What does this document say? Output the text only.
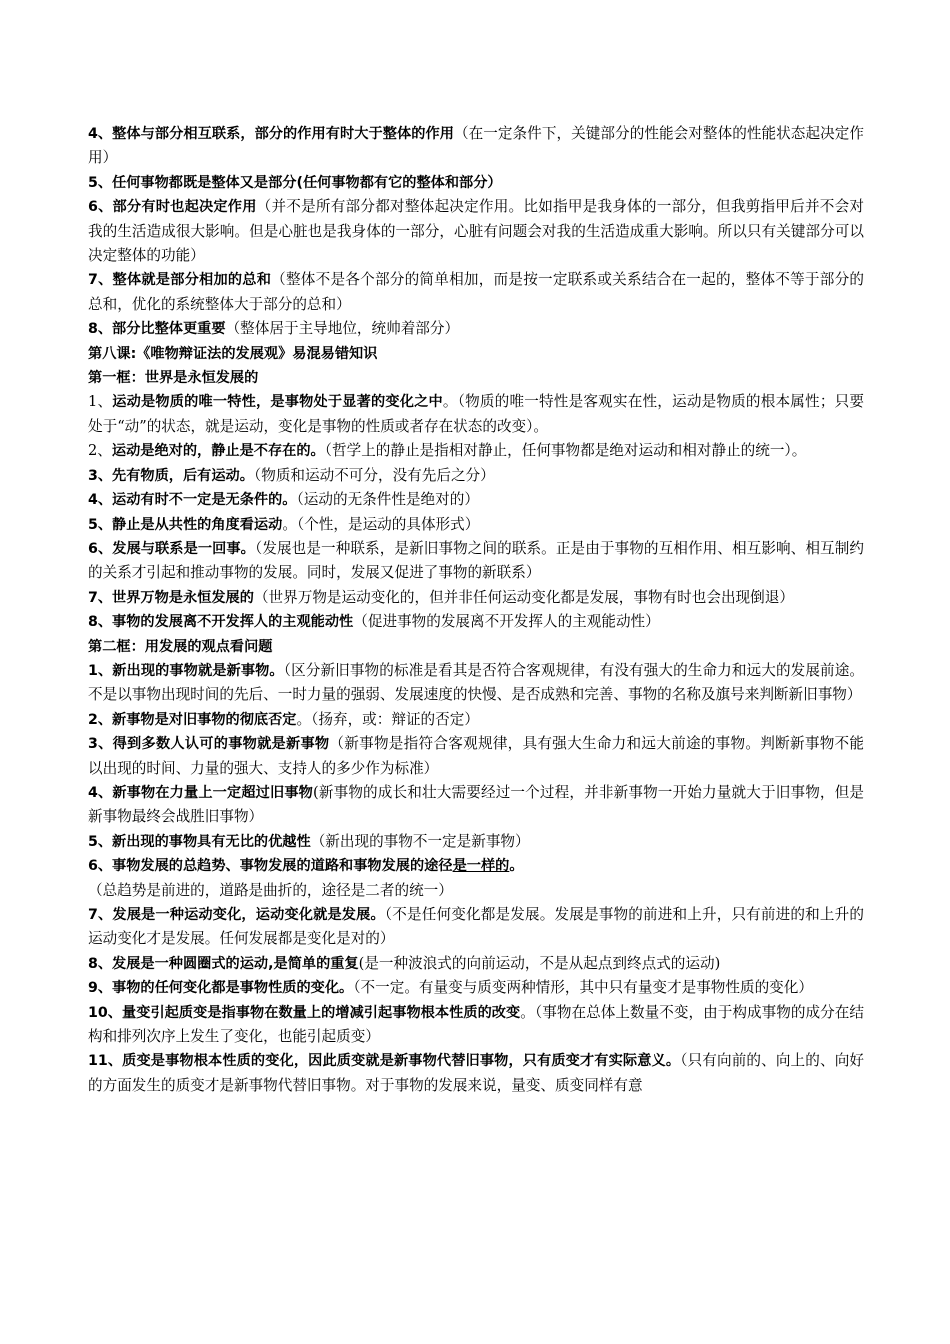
4、整体与部分相互联系，部分的作用有时大于整体的作用（在一定条件下，关键部分的性能会对整体的性能状态起决定作用）

5、任何事物都既是整体又是部分(任何事物都有它的整体和部分）

6、部分有时也起决定作用（并不是所有部分都对整体起决定作用。比如指甲是我身体的一部分，但我剪指甲后并不会对我的生活造成很大影响。但是心脏也是我身体的一部分，心脏有问题会对我的生活造成重大影响。所以只有关键部分可以决定整体的功能）

7、整体就是部分相加的总和（整体不是各个部分的简单相加，而是按一定联系或关系结合在一起的，整体不等于部分的总和，优化的系统整体大于部分的总和）

8、部分比整体更重要（整体居于主导地位，统帅着部分）

第八课:《唯物辩证法的发展观》易混易错知识

第一框：世界是永恒发展的

1、运动是物质的唯一特性，是事物处于显著的变化之中。（物质的唯一特性是客观实在性，运动是物质的根本属性；只要处于“动”的状态，就是运动，变化是事物的性质或者存在状态的改变）。

2、运动是绝对的，静止是不存在的。（哲学上的静止是指相对静止，任何事物都是绝对运动和相对静止的统一）。

3、先有物质，后有运动。（物质和运动不可分，没有先后之分）

4、运动有时不一定是无条件的。（运动的无条件性是绝对的）

5、静止是从共性的角度看运动。（个性，是运动的具体形式）

6、发展与联系是一回事。（发展也是一种联系，是新旧事物之间的联系。正是由于事物的互相作用、相互影响、相互制约的关系才引起和推动事物的发展。同时，发展又促进了事物的新联系）

7、世界万物是永恒发展的（世界万物是运动变化的，但并非任何运动变化都是发展，事物有时也会出现倒退）

8、事物的发展离不开发挥人的主观能动性（促进事物的发展离不开发挥人的主观能动性）

第二框：用发展的观点看问题

1、新出现的事物就是新事物。（区分新旧事物的标准是看其是否符合客观规律，有没有强大的生命力和远大的发展前途。不是以事物出现时间的先后、一时力量的强弱、发展速度的快慢、是否成熟和完善、事物的名称及旗号来判断新旧事物）

2、新事物是对旧事物的彻底否定。（扬弃，或：辩证的否定）

3、得到多数人认可的事物就是新事物（新事物是指符合客观规律，具有强大生命力和远大前途的事物。判断新事物不能以出现的时间、力量的强大、支持人的多少作为标准）

4、新事物在力量上一定超过旧事物(新事物的成长和壮大需要经过一个过程，并非新事物一开始力量就大于旧事物，但是新事物最终会战胜旧事物）

5、新出现的事物具有无比的优越性（新出现的事物不一定是新事物）

6、事物发展的总趋势、事物发展的道路和事物发展的途径是一样的。

（总趋势是前进的，道路是曲折的，途径是二者的统一）

7、发展是一种运动变化，运动变化就是发展。（不是任何变化都是发展。发展是事物的前进和上升，只有前进的和上升的运动变化才是发展。任何发展都是变化是对的）

8、发展是一种圆圈式的运动,是简单的重复(是一种波浪式的向前运动，不是从起点到终点式的运动)

9、事物的任何变化都是事物性质的变化。（不一定。有量变与质变两种情形，其中只有量变才是事物性质的变化）

10、量变引起质变是指事物在数量上的增减引起事物根本性质的改变。（事物在总体上数量不变，由于构成事物的成分在结构和排列次序上发生了变化，也能引起质变）

11、质变是事物根本性质的变化，因此质变就是新事物代替旧事物，只有质变才有实际意义。（只有向前的、向上的、向好的方面发生的质变才是新事物代替旧事物。对于事物的发展来说，量变、质变同样有意
